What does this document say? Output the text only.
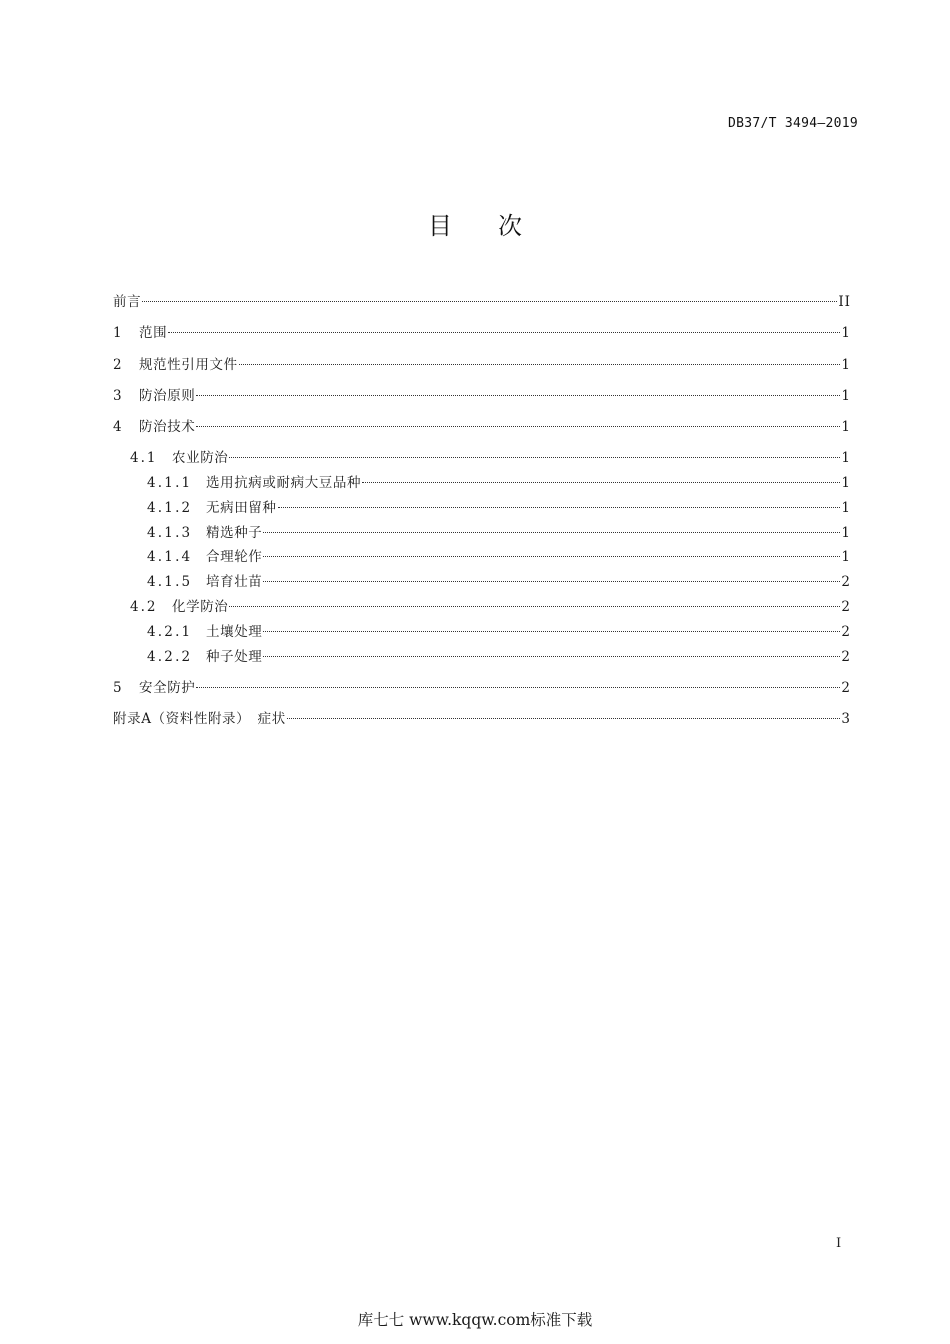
DB37/T 3494—2019
目次
前言	II
1	范围	1
2	规范性引用文件	1
3	防治原则	1
4	防治技术	1
4.1	农业防治	1
4.1.1	选用抗病或耐病大豆品种	1
4.1.2	无病田留种	1
4.1.3	精选种子	1
4.1.4	合理轮作	1
4.1.5	培育壮苗	2
4.2	化学防治	2
4.2.1	土壤处理	2
4.2.2	种子处理	2
5	安全防护	2
附录A（资料性附录）　症状	3
I
库七七 www.kqqw.com标准下载
